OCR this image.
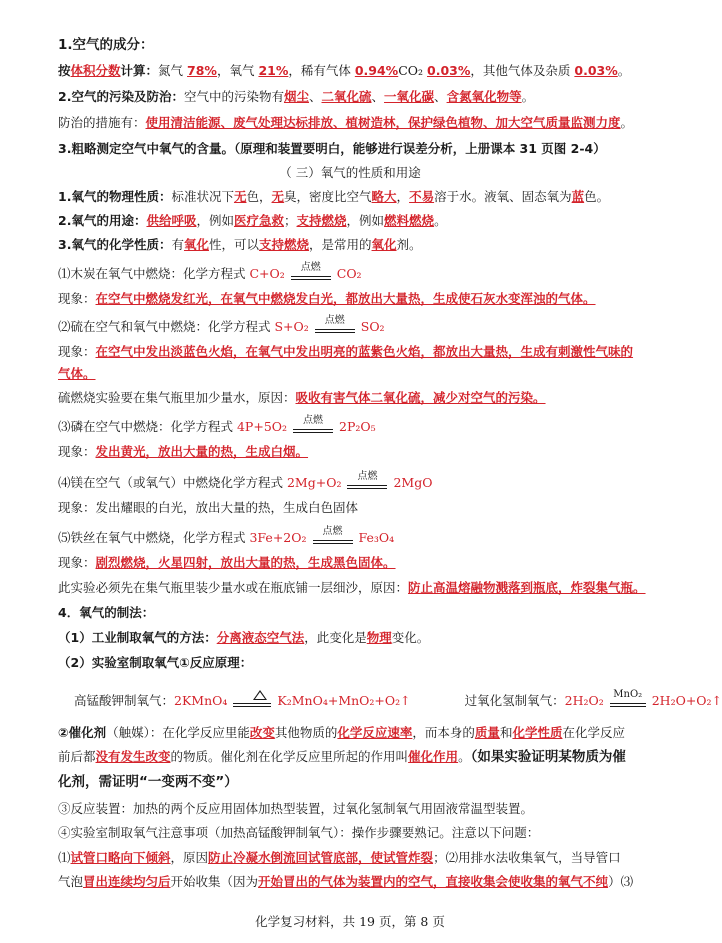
1.空气的成分：
按体积分数计算：氮气 78%，氧气 21%，稀有气体 0.94%CO₂ 0.03%，其他气体及杂质 0.03%。
2.空气的污染及防治：空气中的污染物有烟尘、二氧化硫、一氧化碳、含氮氧化物等。
防治的措施有：使用清洁能源、废气处理达标排放、植树造林，保护绿色植物、加大空气质量监测力度。
3.粗略测定空气中氧气的含量。（原理和装置要明白，能够进行误差分析，上册课本 31 页图 2-4）
（ 三）氧气的性质和用途
1.氧气的物理性质：标准状况下无色，无臭，密度比空气略大，不易溶于水。液氧、固态氧为蓝色。
2.氧气的用途：供给呼吸，例如医疗急救；支持燃烧，例如燃料燃烧。
3.氧气的化学性质：有氧化性，可以支持燃烧，是常用的氧化剂。
⑴木炭在氧气中燃烧：化学方程式 C+O₂	点燃	CO₂
现象：在空气中燃烧发红光，在氧气中燃烧发白光，都放出大量热，生成使石灰水变浑浊的气体。
⑵硫在空气和氧气中燃烧：化学方程式 S+O₂	点燃	SO₂
现象：在空气中发出淡蓝色火焰，在氧气中发出明亮的蓝紫色火焰，都放出大量热，生成有刺激性气味的
气体。
硫燃烧实验要在集气瓶里加少量水，原因：吸收有害气体二氧化硫，减少对空气的污染。
⑶磷在空气中燃烧：化学方程式 4P+5O₂	点燃	2P₂O₅
现象：发出黄光，放出大量的热，生成白烟。
⑷镁在空气（或氧气）中燃烧化学方程式 2Mg+O₂	点燃	2MgO
现象：发出耀眼的白光，放出大量的热，生成白色固体
⑸铁丝在氧气中燃烧，化学方程式 3Fe+2O₂	点燃	Fe₃O₄
现象：剧烈燃烧，火星四射，放出大量的热，生成黑色固体。
此实验必须先在集气瓶里装少量水或在瓶底铺一层细沙，原因：防止高温熔融物溅落到瓶底，炸裂集气瓶。
4．氧气的制法：
（1）工业制取氧气的方法：分离液态空气法，此变化是物理变化。
（2）实验室制取氧气①反应原理：
高锰酸钾制氧气：2KMnO₄	K₂MnO₄+MnO₂+O₂↑	过氧化氢制氧气：2H₂O₂ MnO₂ 2H₂O+O₂↑
②催化剂（触媒）：在化学反应里能改变其他物质的化学反应速率，而本身的质量和化学性质在化学反应
前后都没有发生改变的物质。催化剂在化学反应里所起的作用叫催化作用。（如果实验证明某物质为催
化剂，需证明“一变两不变”）
③反应装置：加热的两个反应用固体加热型装置，过氧化氢制氧气用固液常温型装置。
④实验室制取氧气注意事项（加热高锰酸钾制氧气）：操作步骤要熟记。注意以下问题：
⑴试管口略向下倾斜，原因防止冷凝水倒流回试管底部，使试管炸裂；⑵用排水法收集氧气，当导管口
气泡冒出连续均匀后开始收集（因为开始冒出的气体为装置内的空气，直接收集会使收集的氧气不纯）⑶
化学复习材料，共 19 页，第 8 页
